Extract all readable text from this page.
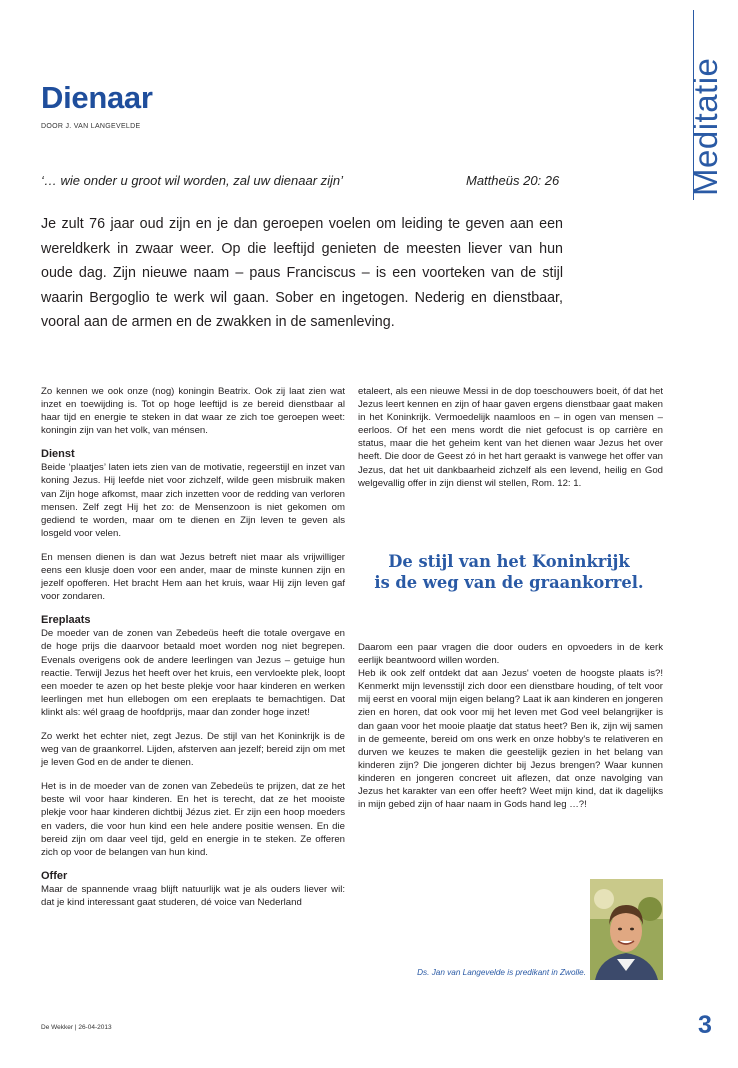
Meditatie
Dienaar
DOOR J. VAN LANGEVELDE
‘… wie onder u groot wil worden, zal uw dienaar zijn’	Mattheüs 20: 26
Je zult 76 jaar oud zijn en je dan geroepen voelen om leiding te geven aan een wereldkerk in zwaar weer. Op die leeftijd genieten de meesten liever van hun oude dag. Zijn nieuwe naam – paus Franciscus – is een voorteken van de stijl waarin Bergoglio te werk wil gaan. Sober en ingetogen. Nederig en dienstbaar, vooral aan de armen en de zwakken in de samenleving.

Zo kennen we ook onze (nog) koningin Beatrix. Ook zij laat zien wat inzet en toewijding is. Tot op hoge leeftijd is ze bereid dienstbaar al haar tijd en energie te steken in dat waar ze zich toe geroepen weet: koningin zijn van het volk, van ménsen.

Dienst

Beide ‘plaatjes’ laten iets zien van de motivatie, regeerstijl en inzet van koning Jezus. Hij leefde niet voor zichzelf, wilde geen misbruik maken van Zijn hoge afkomst, maar zich inzetten voor de redding van verloren mensen. Zelf zegt Hij het zo: de Mensenzoon is niet gekomen om gediend te worden, maar om te dienen en Zijn leven te geven als losgeld voor velen.

En mensen dienen is dan wat Jezus betreft niet maar als vrijwilliger eens een klusje doen voor een ander, maar de minste kunnen zijn en jezelf opofferen. Het bracht Hem aan het kruis, waar Hij zijn leven gaf voor zondaren.

Ereplaats

De moeder van de zonen van Zebedeüs heeft die totale overgave en de hoge prijs die daarvoor betaald moet worden nog niet begrepen. Evenals overigens ook de andere leerlingen van Jezus – getuige hun reactie. Terwijl Jezus het heeft over het kruis, een vervloekte plek, loopt een moeder te azen op het beste plekje voor haar kinderen en werken leerlingen met hun ellebogen om een ereplaats te bemachtigen. Dat klinkt als: wél graag de hoofdprijs, maar dan zonder hoge inzet!

Zo werkt het echter niet, zegt Jezus. De stijl van het Koninkrijk is de weg van de graankorrel. Lijden, afsterven aan jezelf; bereid zijn om met je leven God en de ander te dienen.

Het is in de moeder van de zonen van Zebedeüs te prijzen, dat ze het beste wil voor haar kinderen. En het is terecht, dat ze het mooiste plekje voor haar kinderen dichtbij Jézus ziet. Er zijn een hoop moeders en vaders, die voor hun kind een hele andere positie wensen. En die bereid zijn om daar veel tijd, geld en energie in te steken. Ze offeren zich op voor de belangen van hun kind.

Offer

Maar de spannende vraag blijft natuurlijk wat je als ouders liever wil: dat je kind interessant gaat studeren, dé voice van Nederland

etaleert, als een nieuwe Messi in de dop toeschouwers boeit, óf dat het Jezus leert kennen en zijn of haar gaven ergens dienstbaar gaat maken in het Koninkrijk. Vermoedelijk naamloos en – in ogen van mensen – eerloos. Of het een mens wordt die niet gefocust is op carrière en status, maar die het geheim kent van het dienen waar Jezus het over heeft. Die door de Geest zó in het hart geraakt is vanwege het offer van Jezus, dat het uit dankbaarheid zichzelf als een levend, heilig en God welgevallig offer in zijn dienst wil stellen, Rom. 12: 1.

De stijl van het Koninkrijk
is de weg van de graankorrel.

Daarom een paar vragen die door ouders en opvoeders in de kerk eerlijk beantwoord willen worden.
Heb ik ook zelf ontdekt dat aan Jezus' voeten de hoogste plaats is?! Kenmerkt mijn levensstijl zich door een dienstbare houding, of telt voor mij eerst en vooral mijn eigen belang? Laat ik aan kinderen en jongeren zien en horen, dat ook voor mij het leven met God veel belangrijker is dan gaan voor het mooie plaatje dat status heet? Ben ik, zijn wij samen in de gemeente, bereid om ons werk en onze hobby's te relativeren en durven we keuzes te maken die geestelijk gezien in het belang van kinderen zijn? Die jongeren dichter bij Jezus brengen? Waar kunnen kinderen en jongeren concreet uit aflezen, dat onze navolging van Jezus het karakter van een offer heeft? Weet mijn kind, dat ik dagelijks in mijn gebed zijn of haar naam in Gods hand leg …?!

Ds. Jan van Langevelde is predikant in Zwolle.
De Wekker | 26-04-2013	3
